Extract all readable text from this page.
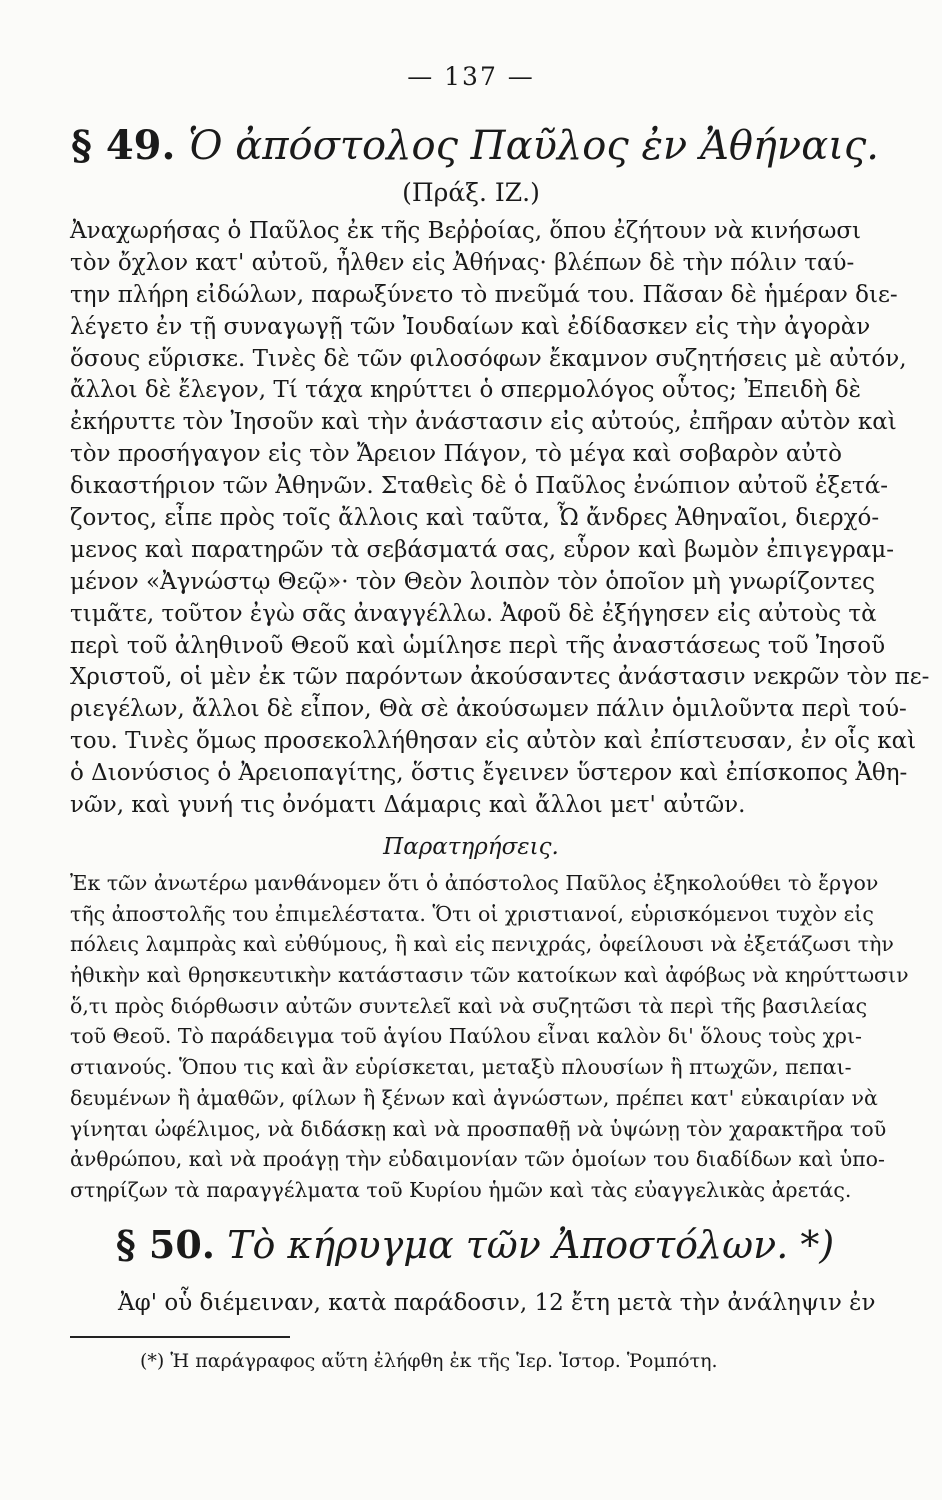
— 137 —
§ 49. Ὁ ἀπόστολος Παῦλος ἐν Ἀθήναις.
(Πράξ. ΙΖ.)
Ἀναχωρήσας ὁ Παῦλος ἐκ τῆς Βεῤῥοίας, ὅπου ἐζήτουν νὰ κινήσωσι
τὸν ὄχλον κατ' αὐτοῦ, ἦλθεν εἰς Ἀθήνας· βλέπων δὲ τὴν πόλιν ταύ-
την πλήρη εἰδώλων, παρωξύνετο τὸ πνεῦμά του. Πᾶσαν δὲ ἡμέραν διε-
λέγετο ἐν τῇ συναγωγῇ τῶν Ἰουδαίων καὶ ἐδίδασκεν εἰς τὴν ἀγορὰν
ὅσους εὕρισκε. Τινὲς δὲ τῶν φιλοσόφων ἔκαμνον συζητήσεις μὲ αὐτόν,
ἄλλοι δὲ ἔλεγον, Τί τάχα κηρύττει ὁ σπερμολόγος οὗτος; Ἐπειδὴ δὲ
ἐκήρυττε τὸν Ἰησοῦν καὶ τὴν ἀνάστασιν εἰς αὐτούς, ἐπῆραν αὐτὸν καὶ
τὸν προσήγαγον εἰς τὸν Ἄρειον Πάγον, τὸ μέγα καὶ σοβαρὸν αὐτὸ
δικαστήριον τῶν Ἀθηνῶν. Σταθεὶς δὲ ὁ Παῦλος ἐνώπιον αὐτοῦ ἐξετά-
ζοντος, εἶπε πρὸς τοῖς ἄλλοις καὶ ταῦτα, Ὦ ἄνδρες Ἀθηναῖοι, διερχό-
μενος καὶ παρατηρῶν τὰ σεβάσματά σας, εὗρον καὶ βωμὸν ἐπιγεγραμ-
μένον «Ἀγνώστῳ Θεῷ»· τὸν Θεὸν λοιπὸν τὸν ὁποῖον μὴ γνωρίζοντες
τιμᾶτε, τοῦτον ἐγὼ σᾶς ἀναγγέλλω. Ἀφοῦ δὲ ἐξήγησεν εἰς αὐτοὺς τὰ
περὶ τοῦ ἀληθινοῦ Θεοῦ καὶ ὡμίλησε περὶ τῆς ἀναστάσεως τοῦ Ἰησοῦ
Χριστοῦ, οἱ μὲν ἐκ τῶν παρόντων ἀκούσαντες ἀνάστασιν νεκρῶν τὸν πε-
ριεγέλων, ἄλλοι δὲ εἶπον, Θὰ σὲ ἀκούσωμεν πάλιν ὁμιλοῦντα περὶ τού-
του. Τινὲς ὅμως προσεκολλήθησαν εἰς αὐτὸν καὶ ἐπίστευσαν, ἐν οἷς καὶ
ὁ Διονύσιος ὁ Ἀρειοπαγίτης, ὅστις ἔγεινεν ὕστερον καὶ ἐπίσκοπος Ἀθη-
νῶν, καὶ γυνή τις ὀνόματι Δάμαρις καὶ ἄλλοι μετ' αὐτῶν.
Παρατηρήσεις.
Ἐκ τῶν ἀνωτέρω μανθάνομεν ὅτι ὁ ἀπόστολος Παῦλος ἐξηκολούθει τὸ ἔργον
τῆς ἀποστολῆς του ἐπιμελέστατα. Ὅτι οἱ χριστιανοί, εὑρισκόμενοι τυχὸν εἰς
πόλεις λαμπρὰς καὶ εὐθύμους, ἢ καὶ εἰς πενιχράς, ὀφείλουσι νὰ ἐξετάζωσι τὴν
ἠθικὴν καὶ θρησκευτικὴν κατάστασιν τῶν κατοίκων καὶ ἀφόβως νὰ κηρύττωσιν
ὅ,τι πρὸς διόρθωσιν αὐτῶν συντελεῖ καὶ νὰ συζητῶσι τὰ περὶ τῆς βασιλείας
τοῦ Θεοῦ. Τὸ παράδειγμα τοῦ ἁγίου Παύλου εἶναι καλὸν δι' ὅλους τοὺς χρι-
στιανούς. Ὅπου τις καὶ ἂν εὑρίσκεται, μεταξὺ πλουσίων ἢ πτωχῶν, πεπαι-
δευμένων ἢ ἀμαθῶν, φίλων ἢ ξένων καὶ ἀγνώστων, πρέπει κατ' εὐκαιρίαν νὰ
γίνηται ὠφέλιμος, νὰ διδάσκῃ καὶ νὰ προσπαθῇ νὰ ὑψώνῃ τὸν χαρακτῆρα τοῦ
ἀνθρώπου, καὶ νὰ προάγῃ τὴν εὐδαιμονίαν τῶν ὁμοίων του διαδίδων καὶ ὑπο-
στηρίζων τὰ παραγγέλματα τοῦ Κυρίου ἡμῶν καὶ τὰς εὐαγγελικὰς ἀρετάς.
§ 50. Τὸ κήρυγμα τῶν Ἀποστόλων. *)
Ἀφ' οὗ διέμειναν, κατὰ παράδοσιν, 12 ἔτη μετὰ τὴν ἀνάληψιν ἐν
(*) Ἡ παράγραφος αὕτη ἐλήφθη ἐκ τῆς Ἱερ. Ἱστορ. Ῥομπότη.
